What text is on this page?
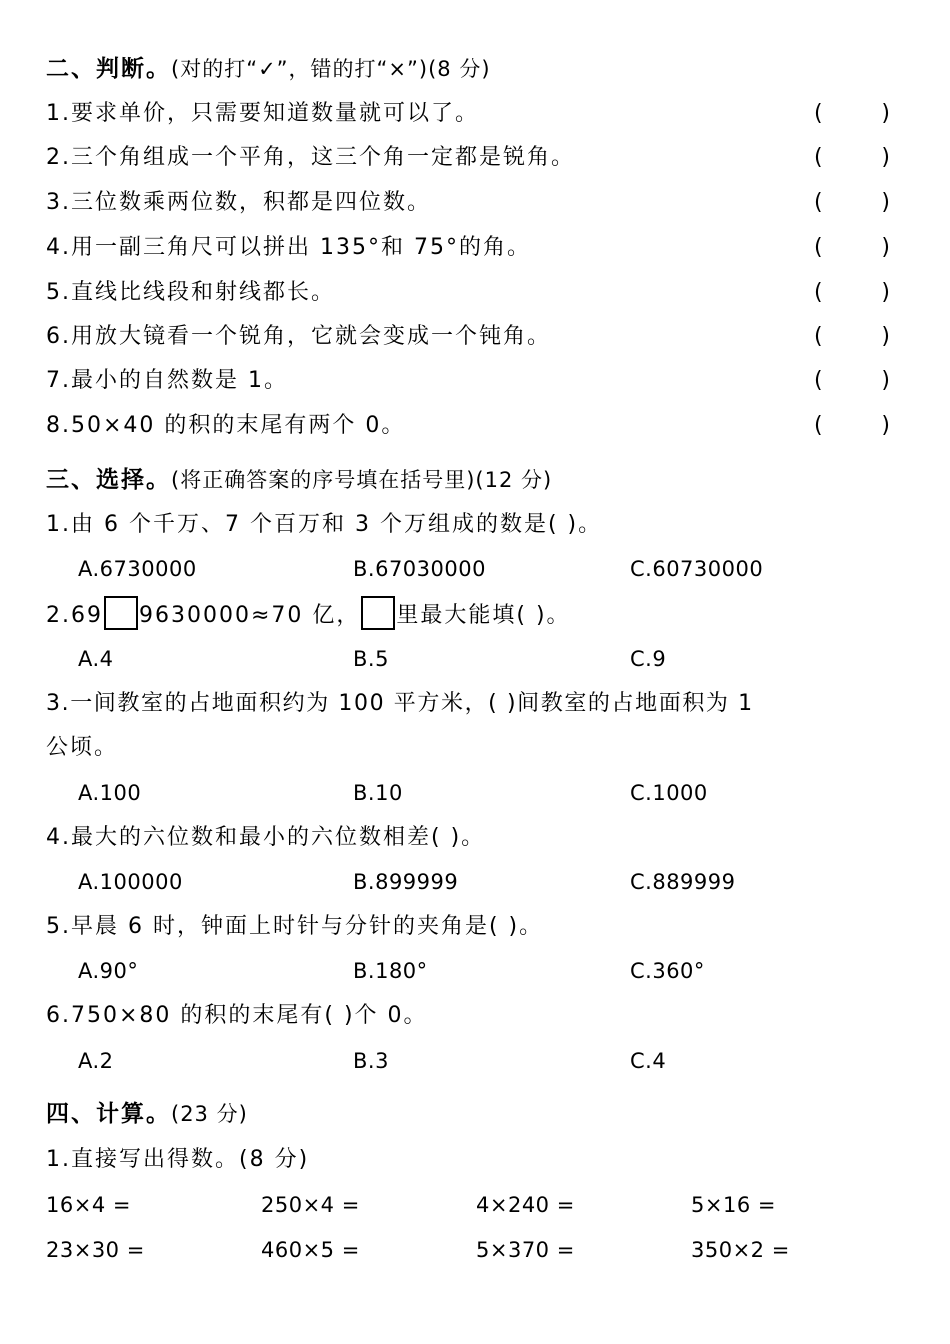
二、判断。(对的打“✓”，错的打“×”)(8 分)
1.要求单价，只需要知道数量就可以了。	(	)
2.三个角组成一个平角，这三个角一定都是锐角。	(	)
3.三位数乘两位数，积都是四位数。	(	)
4.用一副三角尺可以拼出 135°和 75°的角。	(	)
5.直线比线段和射线都长。	(	)
6.用放大镜看一个锐角，它就会变成一个钝角。	(	)
7.最小的自然数是 1。	(	)
8.50×40 的积的末尾有两个 0。	(	)
三、选择。(将正确答案的序号填在括号里)(12 分)
1.由 6 个千万、7 个百万和 3 个万组成的数是( )。
A.6730000	B.67030000	C.60730000
2.69 9630000≈70 亿， 里最大能填( )。
A.4	B.5	C.9
3.一间教室的占地面积约为 100 平方米，( )间教室的占地面积为 1
公顷。
A.100	B.10	C.1000
4.最大的六位数和最小的六位数相差( )。
A.100000	B.899999	C.889999
5.早晨 6 时，钟面上时针与分针的夹角是( )。
A.90°	B.180°	C.360°
6.750×80 的积的末尾有( )个 0。
A.2	B.3	C.4
四、计算。(23 分)
1.直接写出得数。(8 分)
16×4 =	250×4 =	4×240 =	5×16 =
23×30 =	460×5 =	5×370 =	350×2 =
